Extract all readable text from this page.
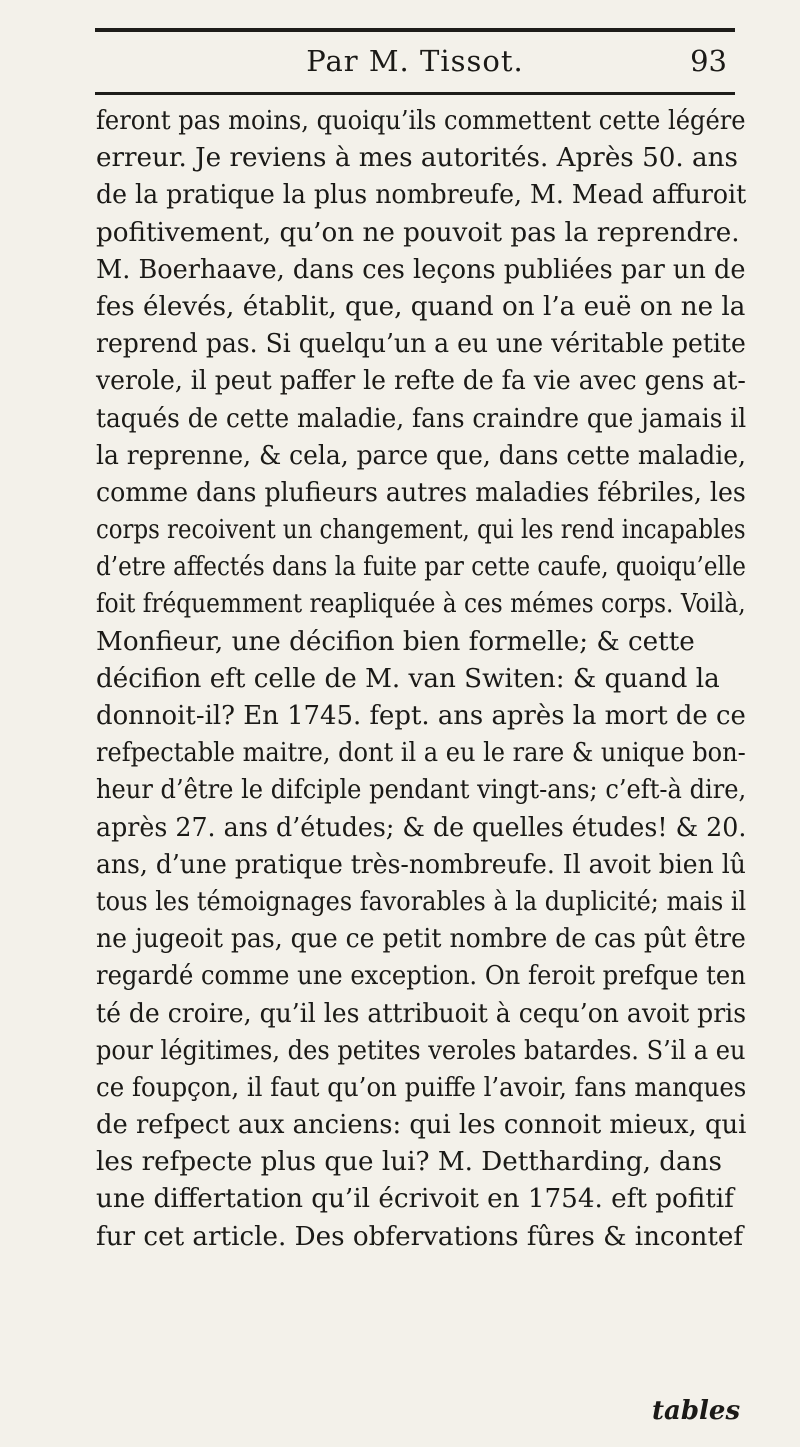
Par M. Tissot.	93
feront pas moins, quoiqu’ils commettent cette légére
erreur. Je reviens à mes autorités. Après 50. ans
de la pratique la plus nombreufe, M. Mead affuroit
pofitivement, qu’on ne pouvoit pas la reprendre.
M. Boerhaave, dans ces leçons publiées par un de
fes élevés, établit, que, quand on l’a euë on ne la
reprend pas. Si quelqu’un a eu une véritable petite
verole, il peut paffer le refte de fa vie avec gens at-
taqués de cette maladie, fans craindre que jamais il
la reprenne, & cela, parce que, dans cette maladie,
comme dans plufieurs autres maladies fébriles, les
corps recoivent un changement, qui les rend incapables
d’etre affectés dans la fuite par cette caufe, quoiqu’elle
foit fréquemment reapliquée à ces mémes corps. Voilà,
Monfieur, une décifion bien formelle; & cette
décifion eft celle de M. van Switen: & quand la
donnoit-il? En 1745. fept. ans après la mort de ce
refpectable maitre, dont il a eu le rare & unique bon-
heur d’être le difciple pendant vingt-ans; c’eft-à dire,
après 27. ans d’études; & de quelles études! & 20.
ans, d’une pratique très-nombreufe. Il avoit bien lû
tous les témoignages favorables à la duplicité; mais il
ne jugeoit pas, que ce petit nombre de cas pût être
regardé comme une exception. On feroit prefque ten
té de croire, qu’il les attribuoit à cequ’on avoit pris
pour légitimes, des petites veroles batardes. S’il a eu
ce foupçon, il faut qu’on puiffe l’avoir, fans manques
de refpect aux anciens: qui les connoit mieux, qui
les refpecte plus que lui? M. Dettharding, dans
une differtation qu’il écrivoit en 1754. eft pofitif
fur cet article. Des obfervations fûres & incontef
tables
